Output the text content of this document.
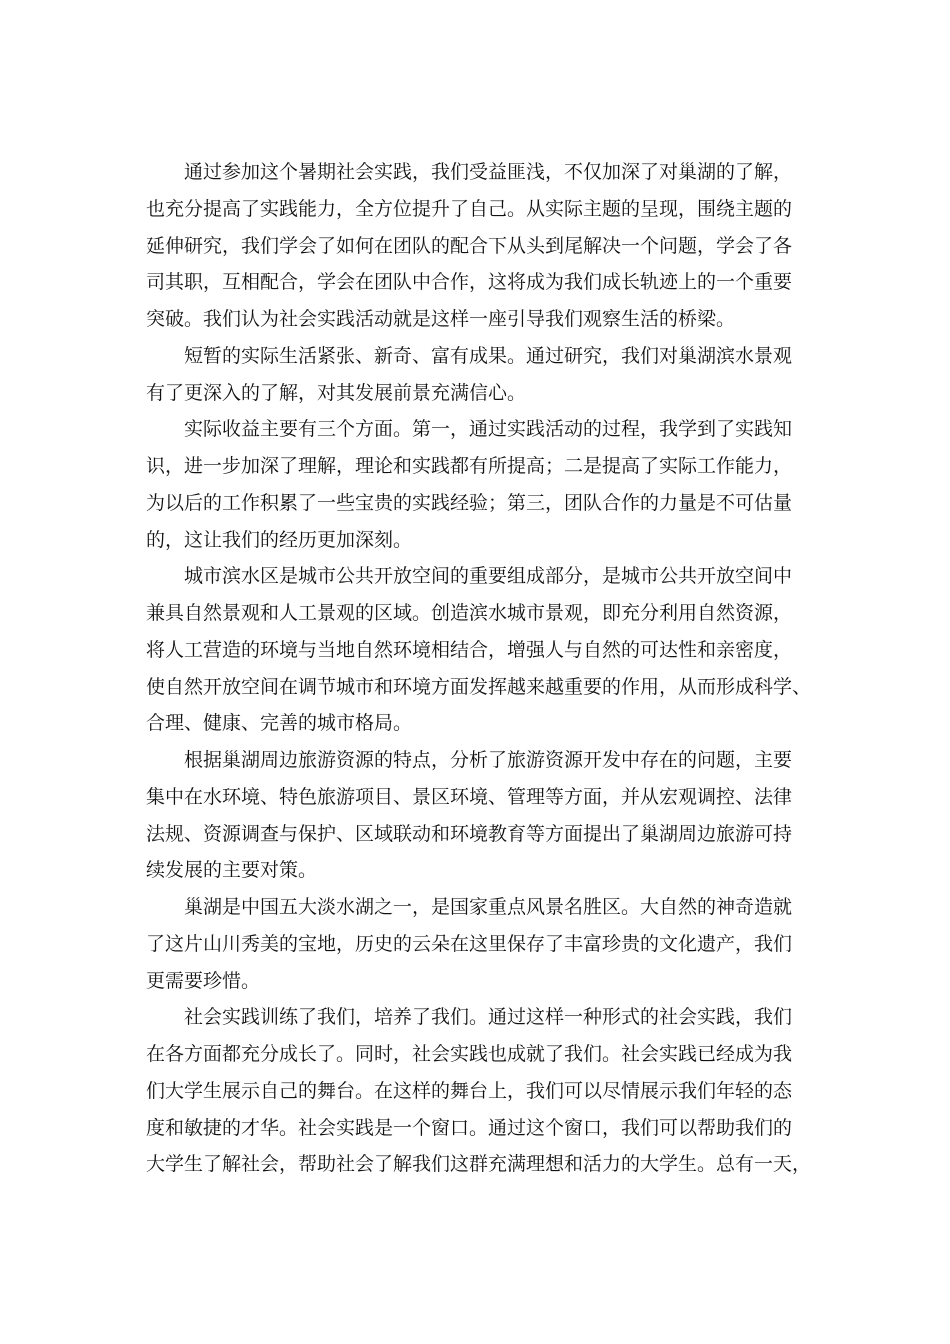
通过参加这个暑期社会实践，我们受益匪浅，不仅加深了对巢湖的了解，
也充分提高了实践能力，全方位提升了自己。从实际主题的呈现，围绕主题的
延伸研究，我们学会了如何在团队的配合下从头到尾解决一个问题，学会了各
司其职，互相配合，学会在团队中合作，这将成为我们成长轨迹上的一个重要
突破。我们认为社会实践活动就是这样一座引导我们观察生活的桥梁。
短暂的实际生活紧张、新奇、富有成果。通过研究，我们对巢湖滨水景观
有了更深入的了解，对其发展前景充满信心。
实际收益主要有三个方面。第一，通过实践活动的过程，我学到了实践知
识，进一步加深了理解，理论和实践都有所提高；二是提高了实际工作能力，
为以后的工作积累了一些宝贵的实践经验；第三，团队合作的力量是不可估量
的，这让我们的经历更加深刻。
城市滨水区是城市公共开放空间的重要组成部分，是城市公共开放空间中
兼具自然景观和人工景观的区域。创造滨水城市景观，即充分利用自然资源，
将人工营造的环境与当地自然环境相结合，增强人与自然的可达性和亲密度，
使自然开放空间在调节城市和环境方面发挥越来越重要的作用，从而形成科学、
合理、健康、完善的城市格局。
根据巢湖周边旅游资源的特点，分析了旅游资源开发中存在的问题，主要
集中在水环境、特色旅游项目、景区环境、管理等方面，并从宏观调控、法律
法规、资源调查与保护、区域联动和环境教育等方面提出了巢湖周边旅游可持
续发展的主要对策。
巢湖是中国五大淡水湖之一，是国家重点风景名胜区。大自然的神奇造就
了这片山川秀美的宝地，历史的云朵在这里保存了丰富珍贵的文化遗产，我们
更需要珍惜。
社会实践训练了我们，培养了我们。通过这样一种形式的社会实践，我们
在各方面都充分成长了。同时，社会实践也成就了我们。社会实践已经成为我
们大学生展示自己的舞台。在这样的舞台上，我们可以尽情展示我们年轻的态
度和敏捷的才华。社会实践是一个窗口。通过这个窗口，我们可以帮助我们的
大学生了解社会，帮助社会了解我们这群充满理想和活力的大学生。总有一天，
